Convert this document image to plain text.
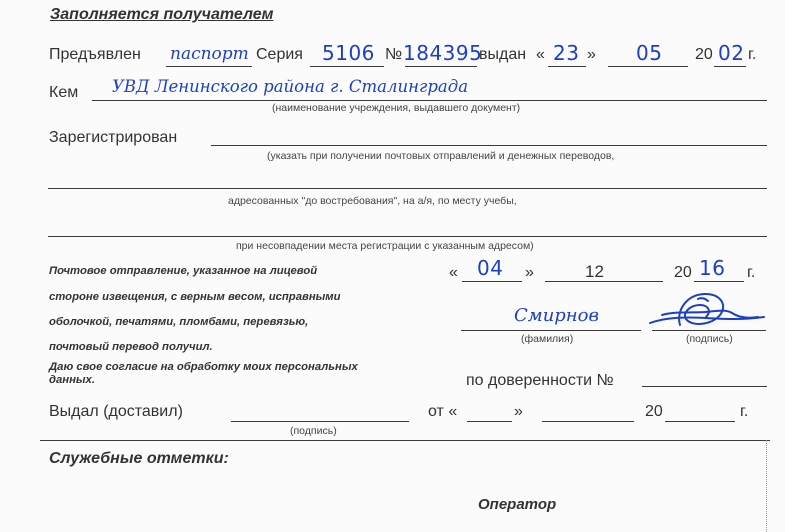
Заполняется получателем
Предъявлен паспорт Серия 5106 № 184395
выдан « 23 » 05 20 02 г.
Кем УВД Ленинского района г. Сталинграда
(наименование учреждения, выдавшего документ)
Зарегистрирован
(указать при получении почтовых отправлений и денежных переводов,
адресованных "до востребования", на а/я, по месту учебы,
при несовпадении места регистрации с указанным адресом)
Почтовое отправление, указанное на лицевой
стороне извещения, с верным весом, исправными
оболочкой, печатями, пломбами, перевязью,
почтовый перевод получил.
Даю свое согласие на обработку моих персональных
данных.
« 04 »	12	20 16 г.
Смирнов
(фамилия)	(подпись)
по доверенности №
Выдал (доставил)
(подпись)
от «	»	20	г.
Служебные отметки:
Оператор
